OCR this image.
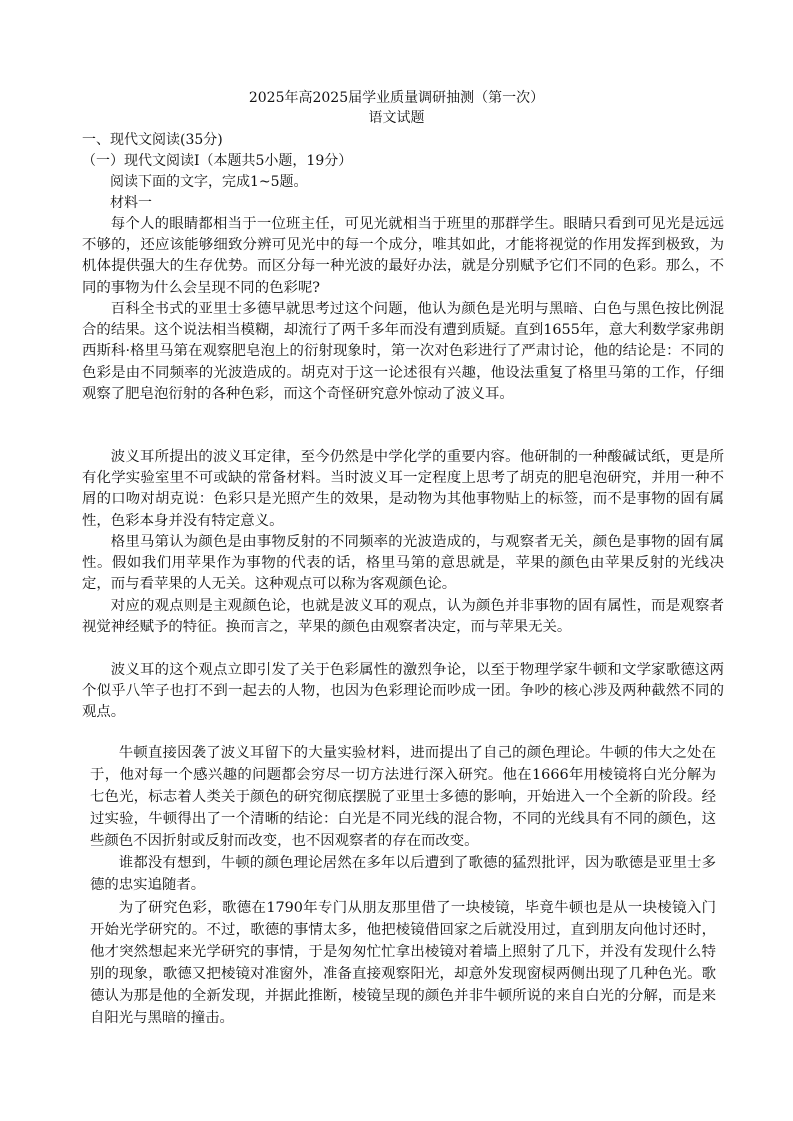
2025年高2025届学业质量调研抽测（第一次）
语文试题
一、现代文阅读(35分)
（一）现代文阅读Ⅰ（本题共5小题，19分）
阅读下面的文字，完成1~5题。
材料一

每个人的眼睛都相当于一位班主任，可见光就相当于班里的那群学生。眼睛只看到可见光是远远不够的，还应该能够细致分辨可见光中的每一个成分，唯其如此，才能将视觉的作用发挥到极致，为机体提供强大的生存优势。而区分每一种光波的最好办法，就是分别赋予它们不同的色彩。那么，不同的事物为什么会呈现不同的色彩呢?

百科全书式的亚里士多德早就思考过这个问题，他认为颜色是光明与黑暗、白色与黑色按比例混合的结果。这个说法相当模糊，却流行了两千多年而没有遭到质疑。直到1655年，意大利数学家弗朗西斯科·格里马第在观察肥皂泡上的衍射现象时，第一次对色彩进行了严肃讨论，他的结论是：不同的色彩是由不同频率的光波造成的。胡克对于这一论述很有兴趣，他设法重复了格里马第的工作，仔细观察了肥皂泡衍射的各种色彩，而这个奇怪研究意外惊动了波义耳。

波义耳所提出的波义耳定律，至今仍然是中学化学的重要内容。他研制的一种酸碱试纸，更是所有化学实验室里不可或缺的常备材料。当时波义耳一定程度上思考了胡克的肥皂泡研究，并用一种不屑的口吻对胡克说：色彩只是光照产生的效果，是动物为其他事物贴上的标签，而不是事物的固有属性，色彩本身并没有特定意义。

格里马第认为颜色是由事物反射的不同频率的光波造成的，与观察者无关，颜色是事物的固有属性。假如我们用苹果作为事物的代表的话，格里马第的意思就是，苹果的颜色由苹果反射的光线决定，而与看苹果的人无关。这种观点可以称为客观颜色论。

对应的观点则是主观颜色论，也就是波义耳的观点，认为颜色并非事物的固有属性，而是观察者视觉神经赋予的特征。换而言之，苹果的颜色由观察者决定，而与苹果无关。

波义耳的这个观点立即引发了关于色彩属性的激烈争论，以至于物理学家牛顿和文学家歌德这两个似乎八竿子也打不到一起去的人物，也因为色彩理论而吵成一团。争吵的核心涉及两种截然不同的观点。

牛顿直接因袭了波义耳留下的大量实验材料，进而提出了自己的颜色理论。牛顿的伟大之处在于，他对每一个感兴趣的问题都会穷尽一切方法进行深入研究。他在1666年用棱镜将白光分解为七色光，标志着人类关于颜色的研究彻底摆脱了亚里士多德的影响，开始进入一个全新的阶段。经过实验，牛顿得出了一个清晰的结论：白光是不同光线的混合物，不同的光线具有不同的颜色，这些颜色不因折射或反射而改变，也不因观察者的存在而改变。

谁都没有想到，牛顿的颜色理论居然在多年以后遭到了歌德的猛烈批评，因为歌德是亚里士多德的忠实追随者。

为了研究色彩，歌德在1790年专门从朋友那里借了一块棱镜，毕竟牛顿也是从一块棱镜入门开始光学研究的。不过，歌德的事情太多，他把棱镜借回家之后就没用过，直到朋友向他讨还时，他才突然想起来光学研究的事情，于是匆匆忙忙拿出棱镜对着墙上照射了几下，并没有发现什么特别的现象，歌德又把棱镜对准窗外，准备直接观察阳光，却意外发现窗棂两侧出现了几种色光。歌德认为那是他的全新发现，并据此推断，棱镜呈现的颜色并非牛顿所说的来自白光的分解，而是来自阳光与黑暗的撞击。
